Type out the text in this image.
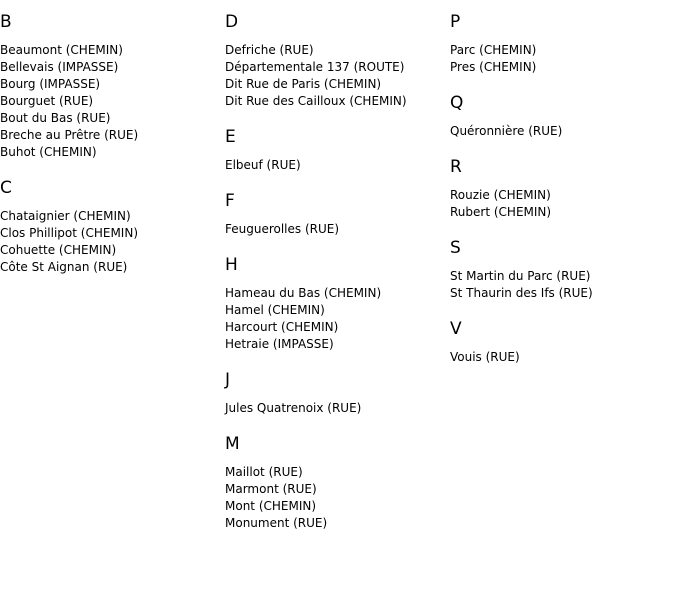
B
Beaumont (CHEMIN)
Bellevais (IMPASSE)
Bourg (IMPASSE)
Bourguet (RUE)
Bout du Bas (RUE)
Breche au Prêtre (RUE)
Buhot (CHEMIN)
C
Chataignier (CHEMIN)
Clos Phillipot (CHEMIN)
Cohuette (CHEMIN)
Côte St Aignan (RUE)
D
Defriche (RUE)
Départementale 137 (ROUTE)
Dit Rue de Paris (CHEMIN)
Dit Rue des Cailloux (CHEMIN)
E
Elbeuf (RUE)
F
Feuguerolles (RUE)
H
Hameau du Bas (CHEMIN)
Hamel (CHEMIN)
Harcourt (CHEMIN)
Hetraie (IMPASSE)
J
Jules Quatrenoix (RUE)
M
Maillot (RUE)
Marmont (RUE)
Mont (CHEMIN)
Monument (RUE)
P
Parc (CHEMIN)
Pres (CHEMIN)
Q
Quéronnière (RUE)
R
Rouzie (CHEMIN)
Rubert (CHEMIN)
S
St Martin du Parc (RUE)
St Thaurin des Ifs (RUE)
V
Vouis (RUE)
